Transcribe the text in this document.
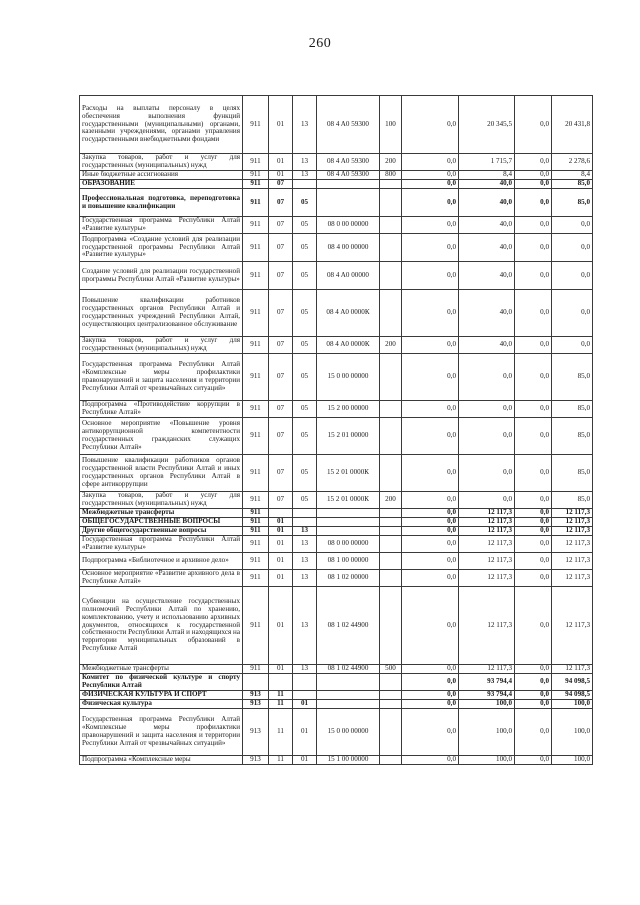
260
Расходы на выплаты персоналу в целях обеспечения выполнения функций государственными (муниципальными) органами, казенными учреждениями, органами управления государственными внебюджетными фондами	911	01	13	08 4 A0 59300	100	0,0	20 345,5	0,0	20 431,8
Закупка товаров, работ и услуг для государственных (муниципальных) нужд	911	01	13	08 4 A0 59300	200	0,0	1 715,7	0,0	2 278,6
Иные бюджетные ассигнования	911	01	13	08 4 A0 59300	800	0,0	8,4	0,0	8,4
ОБРАЗОВАНИЕ	911	07				0,0	40,0	0,0	85,0
Профессиональная подготовка, переподготовка и повышение квалификации	911	07	05			0,0	40,0	0,0	85,0
Государственная программа Республики Алтай «Развитие культуры»	911	07	05	08 0 00 00000		0,0	40,0	0,0	0,0
Подпрограмма «Создание условий для реализации государственной программы Республики Алтай «Развитие культуры»	911	07	05	08 4 00 00000		0,0	40,0	0,0	0,0
Создание условий для реализации государственной программы Республики Алтай «Развитие культуры»	911	07	05	08 4 A0 00000		0,0	40,0	0,0	0,0
Повышение квалификации работников государственных органов Республики Алтай и государственных учреждений Республики Алтай, осуществляющих централизованное обслуживание	911	07	05	08 4 A0 0000К		0,0	40,0	0,0	0,0
Закупка товаров, работ и услуг для государственных (муниципальных) нужд	911	07	05	08 4 A0 0000К	200	0,0	40,0	0,0	0,0
Государственная программа Республики Алтай «Комплексные меры профилактики правонарушений и защита населения и территории Республики Алтай от чрезвычайных ситуаций»	911	07	05	15 0 00 00000		0,0	0,0	0,0	85,0
Подпрограмма «Противодействие коррупции в Республике Алтай»	911	07	05	15 2 00 00000		0,0	0,0	0,0	85,0
Основное мероприятие «Повышение уровня антикоррупционной компетентности государственных гражданских служащих Республики Алтай»	911	07	05	15 2 01 00000		0,0	0,0	0,0	85,0
Повышение квалификации работников органов государственной власти Республики Алтай и иных государственных органов Республики Алтай в сфере антикоррупции	911	07	05	15 2 01 0000К		0,0	0,0	0,0	85,0
Закупка товаров, работ и услуг для государственных (муниципальных) нужд	911	07	05	15 2 01 0000К	200	0,0	0,0	0,0	85,0
Межбюджетные трансферты	911					0,0	12 117,3	0,0	12 117,3
ОБЩЕГОСУДАРСТВЕННЫЕ ВОПРОСЫ	911	01				0,0	12 117,3	0,0	12 117,3
Другие общегосударственные вопросы	911	01	13			0,0	12 117,3	0,0	12 117,3
Государственная программа Республики Алтай «Развитие культуры»	911	01	13	08 0 00 00000		0,0	12 117,3	0,0	12 117,3
Подпрограмма «Библиотечное и архивное дело»	911	01	13	08 1 00 00000		0,0	12 117,3	0,0	12 117,3
Основное мероприятие «Развитие архивного дела в Республике Алтай»	911	01	13	08 1 02 00000		0,0	12 117,3	0,0	12 117,3
Субвенции на осуществление государственных полномочий Республики Алтай по хранению, комплектованию, учету и использованию архивных документов, относящихся к государственной собственности Республики Алтай и находящихся на территории муниципальных образований в Республике Алтай	911	01	13	08 1 02 44900		0,0	12 117,3	0,0	12 117,3
Межбюджетные трансферты	911	01	13	08 1 02 44900	500	0,0	12 117,3	0,0	12 117,3
Комитет по физической культуре и спорту Республики Алтай						0,0	93 794,4	0,0	94 098,5
ФИЗИЧЕСКАЯ КУЛЬТУРА И СПОРТ	913	11				0,0	93 794,4	0,0	94 098,5
Физическая культура	913	11	01			0,0	100,0	0,0	100,0
Государственная программа Республики Алтай «Комплексные меры профилактики правонарушений и защита населения и территории Республики Алтай от чрезвычайных ситуаций»	913	11	01	15 0 00 00000		0,0	100,0	0,0	100,0
Подпрограмма «Комплексные меры	913	11	01	15 1 00 00000		0,0	100,0	0,0	100,0
